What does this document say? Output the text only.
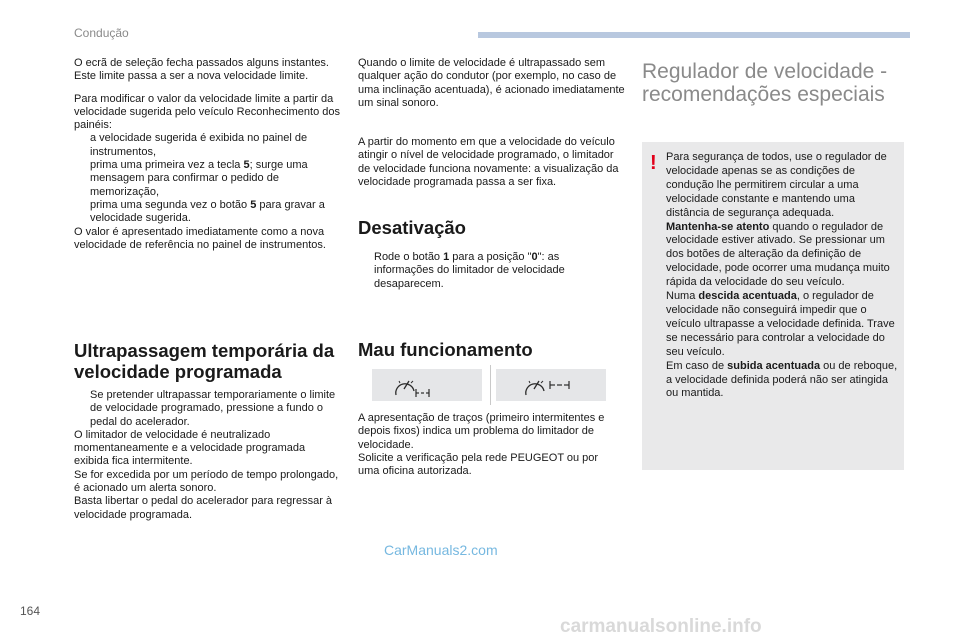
Condução

O ecrã de seleção fecha passados alguns instantes.

Este limite passa a ser a nova velocidade limite.

Para modificar o valor da velocidade limite a partir da velocidade sugerida pelo veículo Reconhecimento dos painéis:

a velocidade sugerida é exibida no painel de instrumentos,
prima uma primeira vez a tecla 5; surge uma mensagem para confirmar o pedido de memorização,
prima uma segunda vez o botão 5 para gravar a velocidade sugerida.

O valor é apresentado imediatamente como a nova velocidade de referência no painel de instrumentos.

Ultrapassagem temporária da velocidade programada
Se pretender ultrapassar temporariamente o limite de velocidade programado, pressione a fundo o pedal do acelerador.

O limitador de velocidade é neutralizado momentaneamente e a velocidade programada exibida fica intermitente.

Se for excedida por um período de tempo prolongado, é acionado um alerta sonoro.

Basta libertar o pedal do acelerador para regressar à velocidade programada.

Quando o limite de velocidade é ultrapassado sem qualquer ação do condutor (por exemplo, no caso de uma inclinação acentuada), é acionado imediatamente um sinal sonoro.

A partir do momento em que a velocidade do veículo atingir o nível de velocidade programado, o limitador de velocidade funciona novamente: a visualização da velocidade programada passa a ser fixa.

Desativação
Rode o botão 1 para a posição "0": as informações do limitador de velocidade desaparecem.
Mau funcionamento

A apresentação de traços (primeiro intermitentes e depois fixos) indica um problema do limitador de velocidade.

Solicite a verificação pela rede PEUGEOT ou por uma oficina autorizada.

Regulador de velocidade - recomendações especiais
! Para segurança de todos, use o regulador de velocidade apenas se as condições de condução lhe permitirem circular a uma velocidade constante e mantendo uma distância de segurança adequada.

Mantenha-se atento quando o regulador de velocidade estiver ativado. Se pressionar um dos botões de alteração da definição de velocidade, pode ocorrer uma mudança muito rápida da velocidade do seu veículo.

Numa descida acentuada, o regulador de velocidade não conseguirá impedir que o veículo ultrapasse a velocidade definida. Trave se necessário para controlar a velocidade do seu veículo.

Em caso de subida acentuada ou de reboque, a velocidade definida poderá não ser atingida ou mantida.

CarManuals2.com
164
carmanualsonline.info
